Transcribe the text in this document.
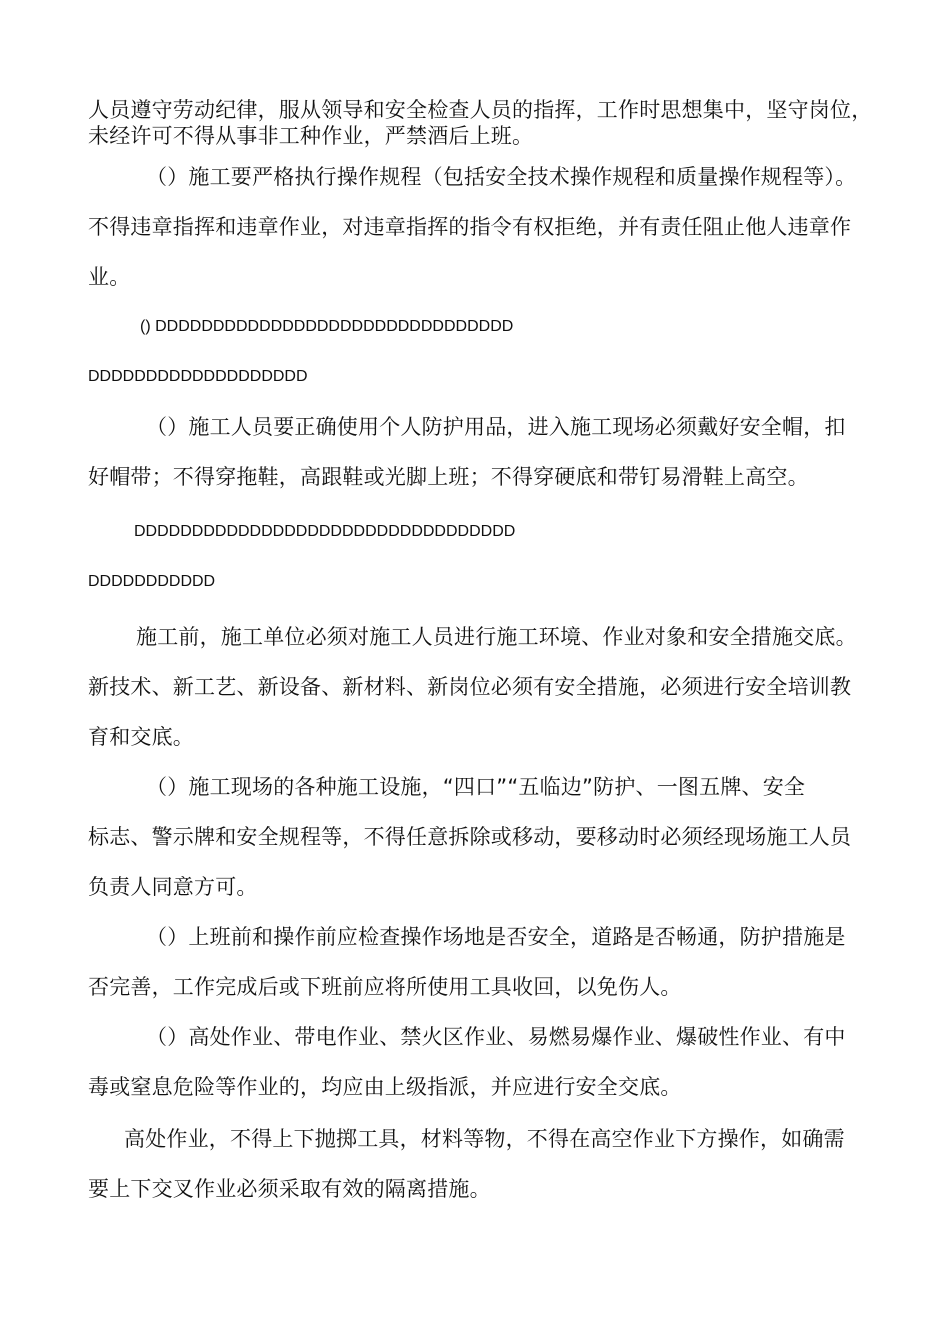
人员遵守劳动纪律，服从领导和安全检查人员的指挥，工作时思想集中，坚守岗位，
未经许可不得从事非工种作业，严禁酒后上班。
（）施工要严格执行操作规程（包括安全技术操作规程和质量操作规程等）。
不得违章指挥和违章作业，对违章指挥的指令有权拒绝，并有责任阻止他人违章作
业。
() DDDDDDDDDDDDDDDDDDDDDDDDDDDDDDD
DDDDDDDDDDDDDDDDDDD
（）施工人员要正确使用个人防护用品，进入施工现场必须戴好安全帽，扣
好帽带；不得穿拖鞋，高跟鞋或光脚上班；不得穿硬底和带钉易滑鞋上高空。
DDDDDDDDDDDDDDDDDDDDDDDDDDDDDDDDD
DDDDDDDDDDD
施工前，施工单位必须对施工人员进行施工环境、作业对象和安全措施交底。
新技术、新工艺、新设备、新材料、新岗位必须有安全措施，必须进行安全培训教
育和交底。
（）施工现场的各种施工设施，“四口”“五临边”防护、一图五牌、安全
标志、警示牌和安全规程等，不得任意拆除或移动，要移动时必须经现场施工人员
负责人同意方可。
（）上班前和操作前应检查操作场地是否安全，道路是否畅通，防护措施是
否完善，工作完成后或下班前应将所使用工具收回，以免伤人。
（）高处作业、带电作业、禁火区作业、易燃易爆作业、爆破性作业、有中
毒或窒息危险等作业的，均应由上级指派，并应进行安全交底。
高处作业，不得上下抛掷工具，材料等物，不得在高空作业下方操作，如确需
要上下交叉作业必须采取有效的隔离措施。
